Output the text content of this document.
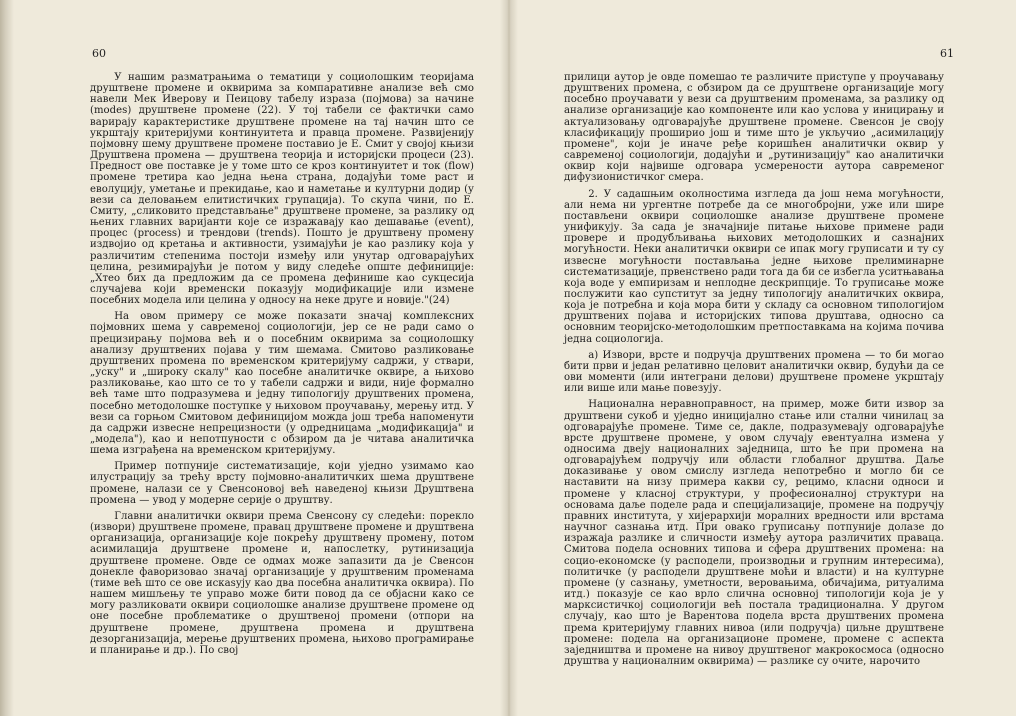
60

У нашим разматрањима о тематици у социолошким теоријама друштвене промене и оквирима за компаративне анализе већ смо навели Мек Иверову и Пеицову табелу израза (појмова) за начине (modes) друштвене промене (22). У тој табели се фактички само варирају карактеристике друштвене промене на тај начин што се укрштају критеријуми континуитета и правца промене. Развијенију појмовну шему друштвене промене поставио је Е. Смит у својој књизи Друштвена промена — друштвена теорија и историјски процеси (23). Предност ове поставке је у томе што се кроз континуитет и ток (flow) промене третира као једна њена страна, додајући томе раст и еволуцију, уметање и прекидање, као и наметање и културни додир (у вези са деловањем елитистичких групација). То скупа чини, по Е. Смиту, „сликовито представљање" друштвене промене, за разлику од њених главних варијанти које се изражавају као дешавање (event), процес (process) и трендови (trends). Пошто је друштвену промену издвојио од кретања и активности, узимајући је као разлику која у различитим степенима постоји између или унутар одговарајућих целина, резимирајући је потом у виду следеће опште дефиниције: „Хтео бих да предложим да се промена дефинише као сукцесија случајева који временски показују модификације или измене посебних модела или целина у односу на неке друге и новије."(24)

На овом примеру се може показати значај комплексних појмовних шема у савременој социологији, јер се не ради само о прецизирању појмова већ и о посебним оквирима за социолошку анализу друштвених појава у тим шемама. Смитово разликовање друштвених промена по временском критеријуму садржи, у ствари, „уску" и „широку скалу" као посебне аналитичке оквире, а њихово разликовање, као што се то у табели садржи и види, није формално већ таме што подразумева и једну типологију друштвених промена, посебно методолошке поступке у њиховом проучавању, мерењу итд. У вези са горњом Смитовом дефиницијом можда још треба напоменути да садржи извесне непрецизности (у одредницама „модификација" и „модела"), као и непотпуности с обзиром да је читава аналитичка шема изграђена на временском критеријуму.

Пример потпуније систематизације, који уједно узимамо као илустрацију за трећу врсту појмовно-аналитичких шема друштвене промене, налази се у Свенсоновој већ наведеној књизи Друштвена промена — увод у модерне серије о друштву.

Главни аналитички оквири према Свенсону су следећи: порекло (извори) друштвене промене, правац друштвене промене и друштвена организација, организације које покрећу друштвену промену, потом асимилација друштвене промене и, напослетку, рутинизација друштвене промене. Овде се одмах може запазити да је Свенсон донекле фаворизовао значај организације у друштвеним променама (тиме већ што се ове искаѕују као два посебна аналитичка оквира). По нашем мишљењу те управо може бити повод да се објасни како се могу разликовати оквири социолошке анализе друштвене промене од оне посебне проблематике о друштвеној промени (отпори на друштвене промене, друштвена промена и друштвена дезорганизација, мерење друштвених промена, њихово програмирање и планирање и др.). По свој

61

прилици аутор је овде помешао те различите приступе у проучавању друштвених промена, с обзиром да се друштвене организације могу посебно проучавати у вези са друштвеним променама, за разлику од анализе организације као компоненте или као услова у иницирању и актуализовању одговарајуће друштвене промене. Свенсон је своју класификацију проширио још и тиме што је укључио „асимилацију промене", који је иначе ређе коришћен аналитички оквир у савременој социологији, додајући и „рутинизацију" као аналитички оквир који највише одговара усмерености аутора савременог дифузионистичког смера.

2. У садашњим околностима изгледа да још нема могућности, али нема ни ургентне потребе да се многобројни, уже или шире постављени оквири социолошке анализе друштвене промене унификују. За сада је значајније питање њихове примене ради провере и продубљивања њихових методолошких и сазнајних могућности. Неки аналитички оквири се ипак могу груписати и ту су извесне могућности постављања једне њихове прелиминарне систематизације, првенствено ради тога да би се избегла уситњавања која воде у емпиризам и неплодне дескрипције. То груписање може послужити као супститут за једну типологију аналитичких оквира, која је потребна и која мора бити у складу са основном типологијом друштвених појава и историјских типова друштава, односно са основним теоријско-методолошким претпоставкама на којима почива једна социологија.

а) Извори, врсте и подручја друштвених промена — то би могао бити први и један релативно целовит аналитички оквир, будући да се ови моменти (или интеграни делови) друштвене промене укрштају или више или мање повезују.

Национална неравноправност, на пример, може бити извор за друштвени сукоб и уједно иницијално стање или стални чинилац за одговарајуће промене. Тиме се, дакле, подразумевају одговарајуће врсте друштвене промене, у овом случају евентуална измена у односима двеју националних заједница, што ће при промена на одговарајућем подручју или области глобалног друштва. Даље доказивање у овом смислу изгледа непотребно и могло би се наставити на низу примера какви су, рецимо, класни односи и промене у класној структури, у професионалној структури на основама даље поделе рада и специјализације, промене на подручју правних института, у хијерархији моралних вредности или врстама научног сазнања итд. При овако груписању потпуније долазе до изражаја разлике и сличности између аутора различитих праваца. Смитова подела основних типова и сфера друштвених промена: на социо-економске (у расподели, производњи и групним интересима), политичке (у расподели друштвене моћи и власти) и на културне промене (у сазнању, уметности, веровањима, обичајима, ритуалима итд.) показује се као врло слична основној типологији која је у марксистичкој социологији већ постала традиционална. У другом случају, као што је Варентова подела врста друштвених промена према критеријуму главних нивоа (или подручја) циљне друштвене промене: подела на организационе промене, промене с аспекта заједништва и промене на нивоу друштвеног макрокосмоса (односно друштва у националним оквирима) — разлике су очите, нарочито
